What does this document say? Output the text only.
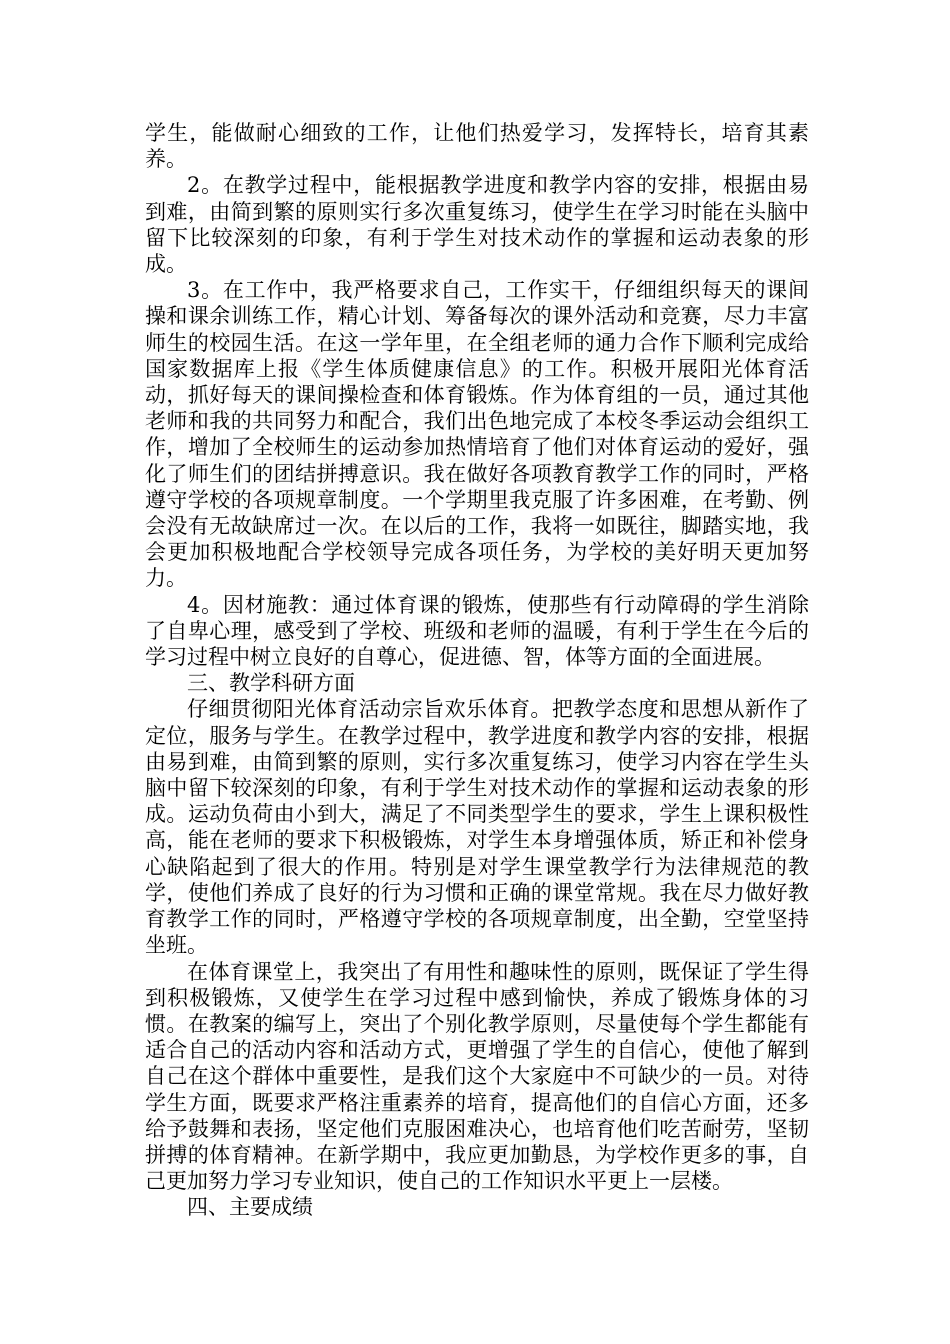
学生，能做耐心细致的工作，让他们热爱学习，发挥特长，培育其素养。

2。在教学过程中，能根据教学进度和教学内容的安排，根据由易到难，由简到繁的原则实行多次重复练习，使学生在学习时能在头脑中留下比较深刻的印象，有利于学生对技术动作的掌握和运动表象的形成。

3。在工作中，我严格要求自己，工作实干，仔细组织每天的课间操和课余训练工作，精心计划、筹备每次的课外活动和竞赛，尽力丰富师生的校园生活。在这一学年里，在全组老师的通力合作下顺利完成给国家数据库上报《学生体质健康信息》的工作。积极开展阳光体育活动，抓好每天的课间操检查和体育锻炼。作为体育组的一员，通过其他老师和我的共同努力和配合，我们出色地完成了本校冬季运动会组织工作，增加了全校师生的运动参加热情培育了他们对体育运动的爱好，强化了师生们的团结拼搏意识。我在做好各项教育教学工作的同时，严格遵守学校的各项规章制度。一个学期里我克服了许多困难，在考勤、例会没有无故缺席过一次。在以后的工作，我将一如既往，脚踏实地，我会更加积极地配合学校领导完成各项任务，为学校的美好明天更加努力。

4。因材施教：通过体育课的锻炼，使那些有行动障碍的学生消除了自卑心理，感受到了学校、班级和老师的温暖，有利于学生在今后的学习过程中树立良好的自尊心，促进德、智，体等方面的全面进展。

三、教学科研方面

仔细贯彻阳光体育活动宗旨欢乐体育。把教学态度和思想从新作了定位，服务与学生。在教学过程中，教学进度和教学内容的安排，根据由易到难，由简到繁的原则，实行多次重复练习，使学习内容在学生头脑中留下较深刻的印象，有利于学生对技术动作的掌握和运动表象的形成。运动负荷由小到大，满足了不同类型学生的要求，学生上课积极性高，能在老师的要求下积极锻炼，对学生本身增强体质，矫正和补偿身心缺陷起到了很大的作用。特别是对学生课堂教学行为法律规范的教学，使他们养成了良好的行为习惯和正确的课堂常规。我在尽力做好教育教学工作的同时，严格遵守学校的各项规章制度，出全勤，空堂坚持坐班。

在体育课堂上，我突出了有用性和趣味性的原则，既保证了学生得到积极锻炼，又使学生在学习过程中感到愉快，养成了锻炼身体的习惯。在教案的编写上，突出了个别化教学原则，尽量使每个学生都能有适合自己的活动内容和活动方式，更增强了学生的自信心，使他了解到自己在这个群体中重要性，是我们这个大家庭中不可缺少的一员。对待学生方面，既要求严格注重素养的培育，提高他们的自信心方面，还多给予鼓舞和表扬，坚定他们克服困难决心，也培育他们吃苦耐劳，坚韧拼搏的体育精神。在新学期中，我应更加勤恳，为学校作更多的事，自己更加努力学习专业知识，使自己的工作知识水平更上一层楼。

四、主要成绩
